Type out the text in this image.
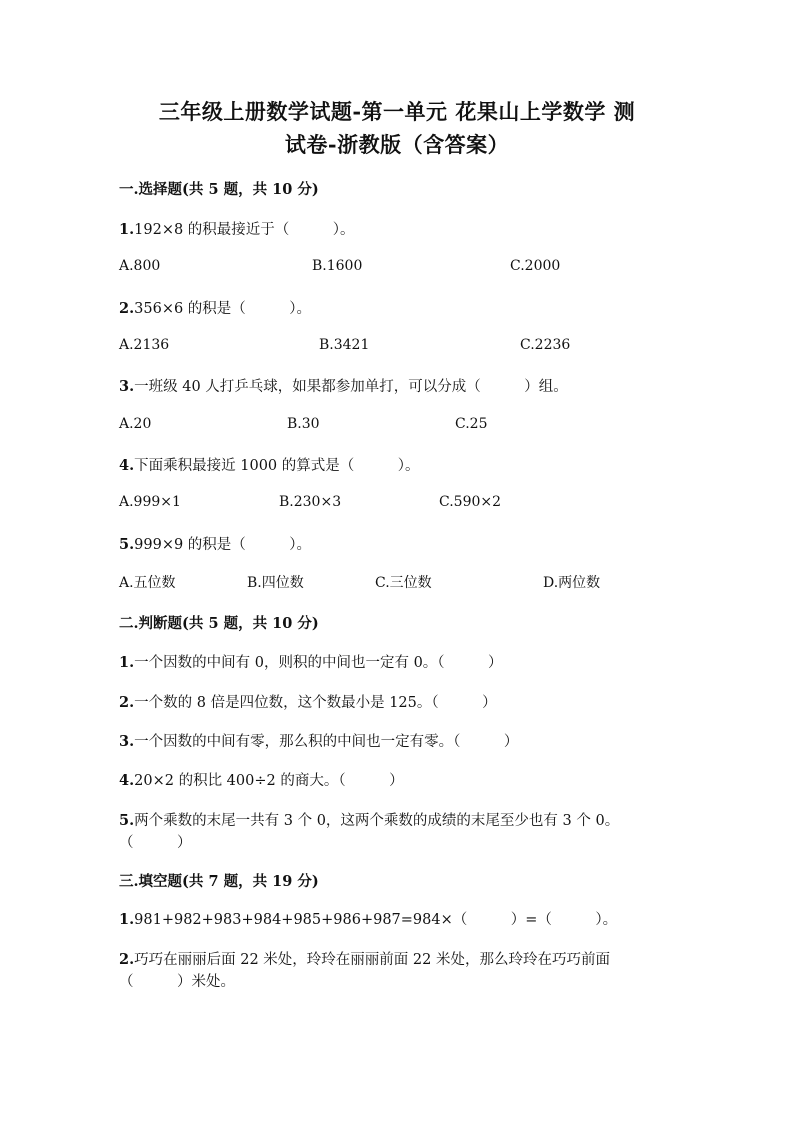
三年级上册数学试题-第一单元 花果山上学数学 测
试卷-浙教版（含答案）
一.选择题(共 5 题，共 10 分)
1.192×8 的积最接近于（　　　）。
A.800	B.1600	C.2000
2.356×6 的积是（　　　）。
A.2136	B.3421	C.2236
3.一班级 40 人打乒乓球，如果都参加单打，可以分成（　　　）组。
A.20	B.30	C.25
4.下面乘积最接近 1000 的算式是（　　　）。
A.999×1	B.230×3	C.590×2
5.999×9 的积是（　　　）。
A.五位数	B.四位数	C.三位数	D.两位数
二.判断题(共 5 题，共 10 分)
1.一个因数的中间有 0，则积的中间也一定有 0。（　　　）
2.一个数的 8 倍是四位数，这个数最小是 125。（　　　）
3.一个因数的中间有零，那么积的中间也一定有零。（　　　）
4.20×2 的积比 400÷2 的商大。（　　　）
5.两个乘数的末尾一共有 3 个 0，这两个乘数的成绩的末尾至少也有 3 个 0。
（　　　）
三.填空题(共 7 题，共 19 分)
1.981+982+983+984+985+986+987=984×（　　　）=（　　　）。
2.巧巧在丽丽后面 22 米处，玲玲在丽丽前面 22 米处，那么玲玲在巧巧前面
（　　　）米处。
